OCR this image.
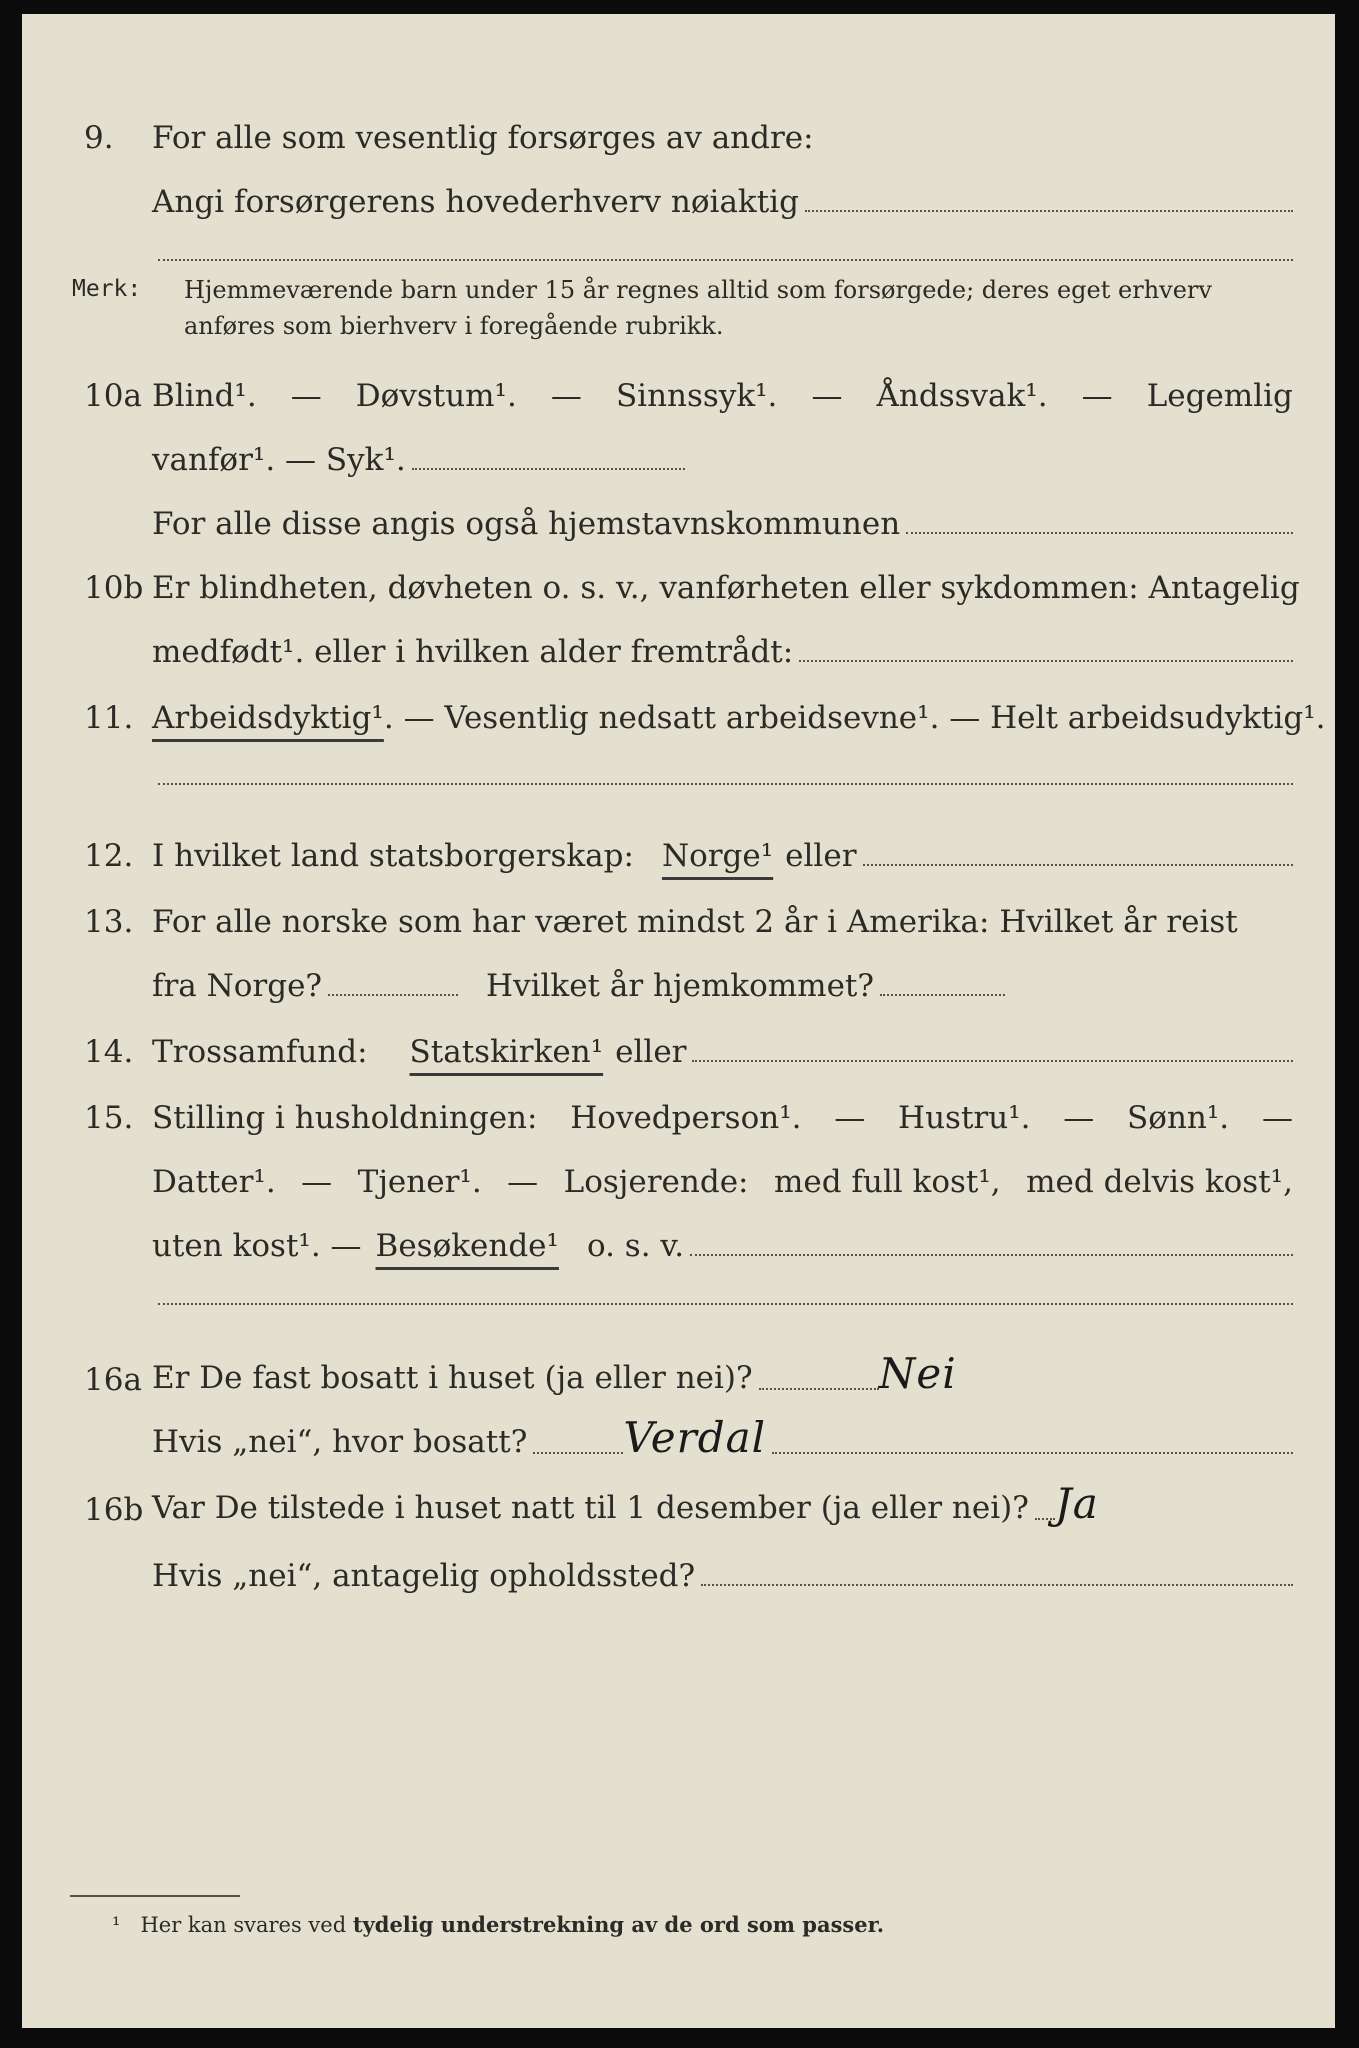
9. For alle som vesentlig forsørges av andre:
Angi forsørgerens hovederhverv nøiaktig
Merk: Hjemmeværende barn under 15 år regnes alltid som forsørgede; deres eget erhverv
anføres som bierhverv i foregående rubrikk.
10a Blind¹. — Døvstum¹. — Sinnssyk¹. — Åndssvak¹. — Legemlig
vanfør¹. — Syk¹.
For alle disse angis også hjemstavnskommunen
10b Er blindheten, døvheten o. s. v., vanførheten eller sykdommen: Antagelig
medfødt¹. eller i hvilken alder fremtrådt:
11. Arbeidsdyktig¹ . — Vesentlig nedsatt arbeidsevne¹. — Helt arbeidsudyktig¹.
12. I hvilket land statsborgerskap: Norge¹ eller
13. For alle norske som har været mindst 2 år i Amerika: Hvilket år reist
fra Norge?	Hvilket år hjemkommet?
14. Trossamfund: Statskirken¹ eller
15. Stilling i husholdningen: Hovedperson¹. — Hustru¹. — Sønn¹. —
Datter¹. — Tjener¹. — Losjerende: med full kost¹, med delvis kost¹,
uten kost¹. — Besøkende¹ o. s. v.
16a Er De fast bosatt i huset (ja eller nei)?	Nei
Hvis „nei“, hvor bosatt? Verdal
16b Var De tilstede i huset natt til 1 desember (ja eller nei)? Ja
Hvis „nei“, antagelig opholdssted?
¹ Her kan svares ved tydelig understrekning av de ord som passer.
